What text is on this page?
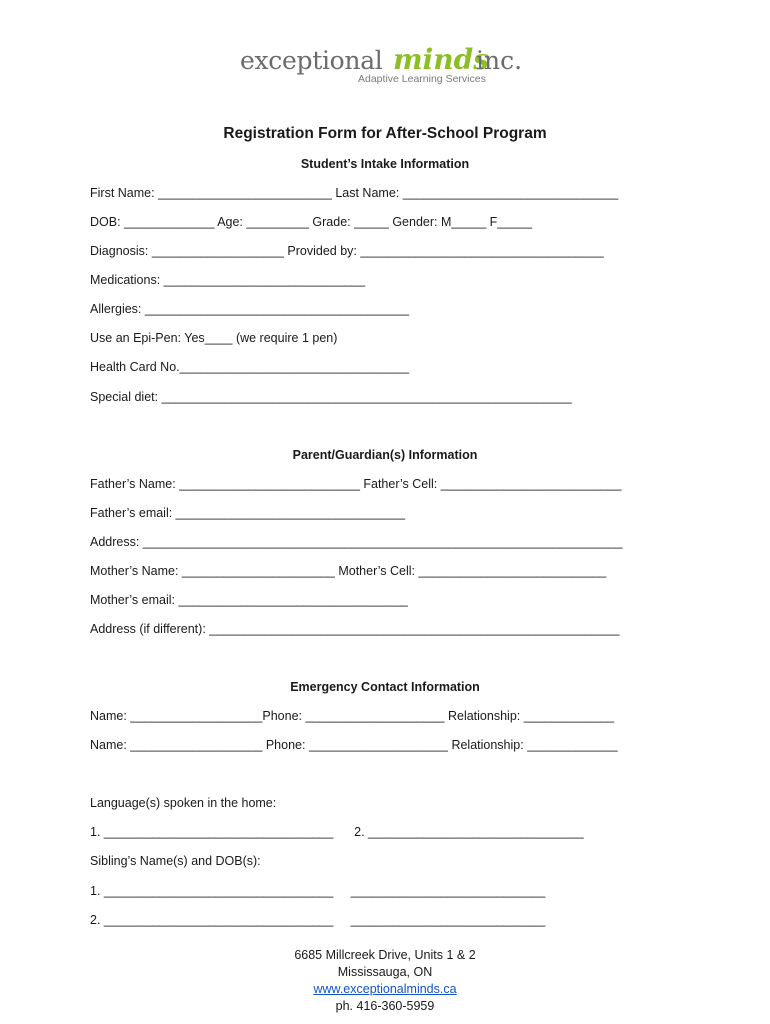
exceptional minds
inc.
Adaptive Learning Services
Registration Form for After-School Program
Student’s Intake Information
First Name: _________________________ Last Name: _______________________________
DOB: _____________ Age: _________ Grade: _____ Gender: M_____ F_____
Diagnosis: ___________________ Provided by: ___________________________________
Medications: _____________________________
Allergies: ______________________________________
Use an Epi-Pen: Yes____ (we require 1 pen)
Health Card No._________________________________
Special diet: ___________________________________________________________
Parent/Guardian(s) Information
Father’s Name: __________________________ Father’s Cell: __________________________
Father’s email: _________________________________
Address: _____________________________________________________________________
Mother’s Name: ______________________ Mother’s Cell: ___________________________
Mother’s email: _________________________________
Address (if different): ___________________________________________________________
Emergency Contact Information
Name: ___________________Phone: ____________________ Relationship: _____________
Name: ___________________ Phone: ____________________ Relationship: _____________
Language(s) spoken in the home:
1. _________________________________      2. _______________________________
Sibling’s Name(s) and DOB(s):
1. _________________________________     ____________________________
2. _________________________________     ____________________________
6685 Millcreek Drive, Units 1 & 2
Mississauga, ON
www.exceptionalminds.ca
ph. 416-360-5959
